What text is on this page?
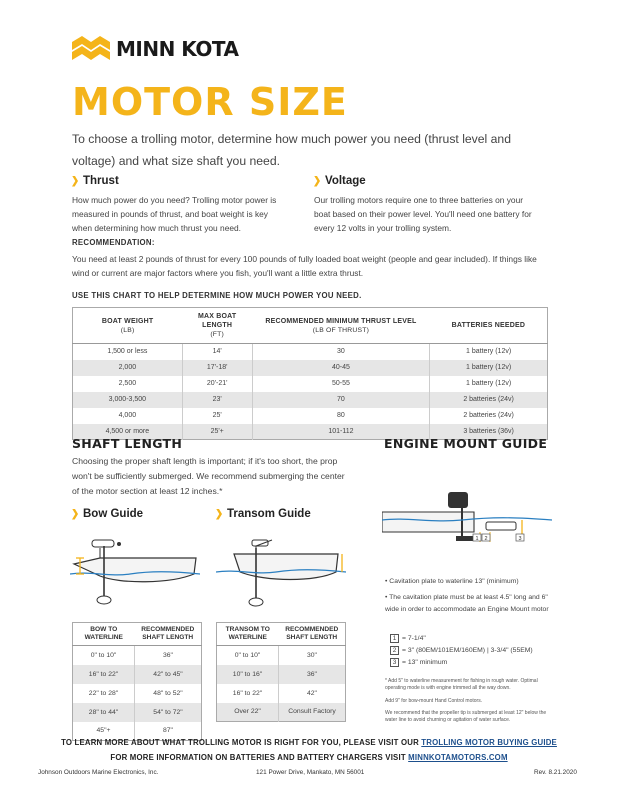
MINN KOTA
MOTOR SIZE
To choose a trolling motor, determine how much power you need (thrust level and voltage) and what size shaft you need.
Thrust
How much power do you need? Trolling motor power is measured in pounds of thrust, and boat weight is key when determining how much thrust you need.
Voltage
Our trolling motors require one to three batteries on your boat based on their power level. You'll need one battery for every 12 volts in your trolling system.
RECOMMENDATION:
You need at least 2 pounds of thrust for every 100 pounds of fully loaded boat weight (people and gear included). If things like wind or current are major factors where you fish, you'll want a little extra thrust.
USE THIS CHART TO HELP DETERMINE HOW MUCH POWER YOU NEED.
BOAT WEIGHT
(LB)	MAX BOAT LENGTH
(FT)	RECOMMENDED MINIMUM THRUST LEVEL
(LB OF THRUST)	BATTERIES NEEDED
1,500 or less	14'	30	1 battery (12v)
2,000	17'-18'	40-45	1 battery (12v)
2,500	20'-21'	50-55	1 battery (12v)
3,000-3,500	23'	70	2 batteries (24v)
4,000	25'	80	2 batteries (24v)
4,500 or more	25'+	101-112	3 batteries (36v)
SHAFT LENGTH
Choosing the proper shaft length is important; if it's too short, the prop won't be sufficiently submerged. We recommend submerging the center of the motor section at least 12 inches.*
Bow Guide
BOW TO WATERLINE	RECOMMENDED SHAFT LENGTH
0" to 10"	36"
16" to 22"	42" to 45"
22" to 28"	48" to 52"
28" to 44"	54" to 72"
45"+	87"
Transom Guide
TRANSOM TO WATERLINE	RECOMMENDED SHAFT LENGTH
0" to 10"	30"
10" to 16"	36"
16" to 22"	42"
Over 22"	Consult Factory
ENGINE MOUNT GUIDE
1 2	3
• Cavitation plate to waterline 13" (minimum)
• The cavitation plate must be at least 4.5" long and 6" wide in order to accommodate an Engine Mount motor
1 = 7-1/4"
2 = 3" (80EM/101EM/160EM) | 3-3/4" (55EM)
3 = 13" minimum
* Add 5" to waterline measurement for fishing in rough water. Optimal operating mode is with engine trimmed all the way down.
Add 9" for bow-mount Hand Control motors.
We recommend that the propeller tip is submerged at least 12" below the water line to avoid churning or agitation of water surface.
TO LEARN MORE ABOUT WHAT TROLLING MOTOR IS RIGHT FOR YOU, PLEASE VISIT OUR TROLLING MOTOR BUYING GUIDE
FOR MORE INFORMATION ON BATTERIES AND BATTERY CHARGERS VISIT MINNKOTAMOTORS.COM
Johnson Outdoors Marine Electronics, Inc.	121 Power Drive, Mankato, MN 56001	Rev. 8.21.2020
